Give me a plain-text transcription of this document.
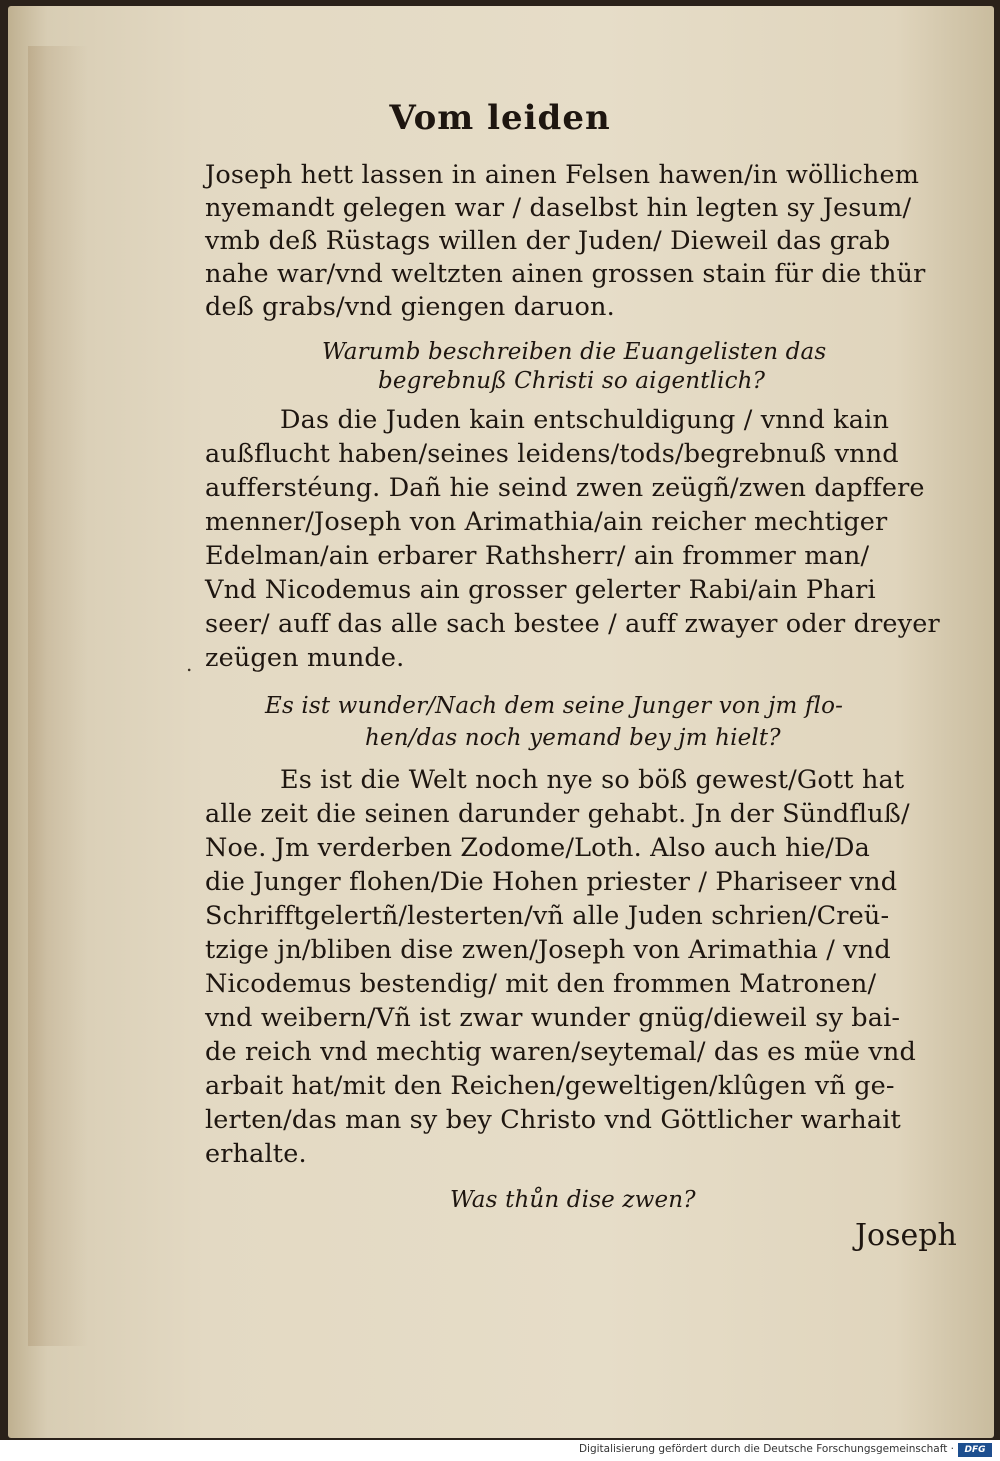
Vom leiden
Joseph hett lassen in ainen Felsen hawen/in wöllichem
nyemandt gelegen war / daselbst hin legten sy Jesum/
vmb deß Rüstags willen der Juden/ Dieweil das grab
nahe war/vnd weltzten ainen grossen stain für die thür
deß grabs/vnd giengen daruon.
Warumb beschreiben die Euangelisten das
begrebnuß Christi so aigentlich?
Das die Juden kain entschuldigung / vnnd kain
außflucht haben/seines leidens/tods/begrebnuß vnnd
aufferstéung. Dañ hie seind zwen zeügñ/zwen dapffere
menner/Joseph von Arimathia/ain reicher mechtiger
Edelman/ain erbarer Rathsherr/ ain frommer man/
Vnd Nicodemus ain grosser gelerter Rabi/ain Phari
seer/ auff das alle sach bestee / auff zwayer oder dreyer
zeügen munde.
Es ist wunder/Nach dem seine Junger von jm flo-
hen/das noch yemand bey jm hielt?
Es ist die Welt noch nye so böß gewest/Gott hat
alle zeit die seinen darunder gehabt. Jn der Sündfluß/
Noe. Jm verderben Zodome/Loth. Also auch hie/Da
die Junger flohen/Die Hohen priester / Phariseer vnd
Schrifftgelertñ/lesterten/vñ alle Juden schrien/Creü-
tzige jn/bliben dise zwen/Joseph von Arimathia / vnd
Nicodemus bestendig/ mit den frommen Matronen/
vnd weibern/Vñ ist zwar wunder gnüg/dieweil sy bai-
de reich vnd mechtig waren/seytemal/ das es müe vnd
arbait hat/mit den Reichen/geweltigen/klûgen vñ ge-
lerten/das man sy bey Christo vnd Göttlicher warhait
erhalte.
Was thůn dise zwen?
.
Joseph
Digitalisierung gefördert durch die Deutsche Forschungsgemeinschaft ·	DFG
